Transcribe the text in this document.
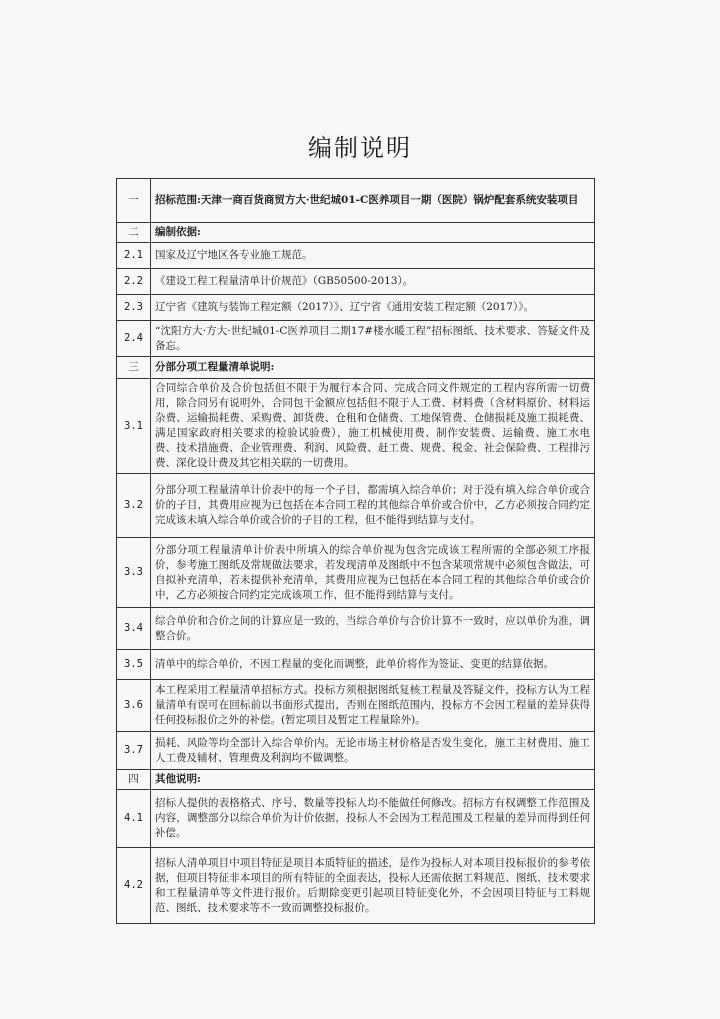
编制说明
一	招标范围:天津一商百货商贸方大·世纪城01-C医养项目一期（医院）锅炉配套系统安装项目
二	编制依据:
2.1	国家及辽宁地区各专业施工规范。
2.2	《建设工程工程量清单计价规范》（GB50500-2013）。
2.3	辽宁省《建筑与装饰工程定额（2017）》、辽宁省《通用安装工程定额（2017）》。
2.4	“沈阳方大·方大·世纪城01-C医养项目二期17#楼水暖工程”招标图纸、技术要求、答疑文件及备忘。
三	分部分项工程量清单说明:
3.1	合同综合单价及合价包括但不限于为履行本合同、完成合同文件规定的工程内容所需一切费用，除合同另有说明外，合同包干金额应包括但不限于人工费、材料费（含材料原价、材料运杂费、运输损耗费、采购费、卸货费、仓租和仓储费、工地保管费、仓储损耗及施工损耗费、满足国家政府相关要求的检验试验费），施工机械使用费、制作安装费、运输费、施工水电费、技术措施费、企业管理费、利润、风险费、赶工费、规费、税金、社会保险费、工程排污费、深化设计费及其它相关联的一切费用。
3.2	分部分项工程量清单计价表中的每一个子目，都需填入综合单价；对于没有填入综合单价或合价的子目，其费用应视为已包括在本合同工程的其他综合单价或合价中，乙方必须按合同约定完成该未填入综合单价或合价的子目的工程，但不能得到结算与支付。
3.3	分部分项工程量清单计价表中所填入的综合单价视为包含完成该工程所需的全部必须工序报价，参考施工图纸及常规做法要求，若发现清单及图纸中不包含某项常规中必须包含做法，可自拟补充清单，若未提供补充清单，其费用应视为已包括在本合同工程的其他综合单价或合价中，乙方必须按合同约定完成该项工作，但不能得到结算与支付。
3.4	综合单价和合价之间的计算应是一致的，当综合单价与合价计算不一致时，应以单价为准，调整合价。
3.5	清单中的综合单价，不因工程量的变化而调整，此单价将作为签证、变更的结算依据。
3.6	本工程采用工程量清单招标方式。投标方须根据图纸复核工程量及答疑文件，投标方认为工程量清单有误可在回标前以书面形式提出，否则在图纸范围内，投标方不会因工程量的差异获得任何投标报价之外的补偿。(暂定项目及暂定工程量除外)。
3.7	损耗、风险等均全部计入综合单价内。无论市场主材价格是否发生变化，施工主材费用、施工人工费及辅材、管理费及利润均不做调整。
四	其他说明:
4.1	招标人提供的表格格式、序号、数量等投标人均不能做任何修改。招标方有权调整工作范围及内容，调整部分以综合单价为计价依据，投标人不会因为工程范围及工程量的差异而得到任何补偿。
4.2	招标人清单项目中项目特征是项目本质特征的描述，是作为投标人对本项目投标报价的参考依据，但项目特征非本项目的所有特征的全面表达，投标人还需依据工料规范、图纸、技术要求和工程量清单等文件进行报价。后期除变更引起项目特征变化外，不会因项目特征与工料规范、图纸、技术要求等不一致而调整投标报价。
